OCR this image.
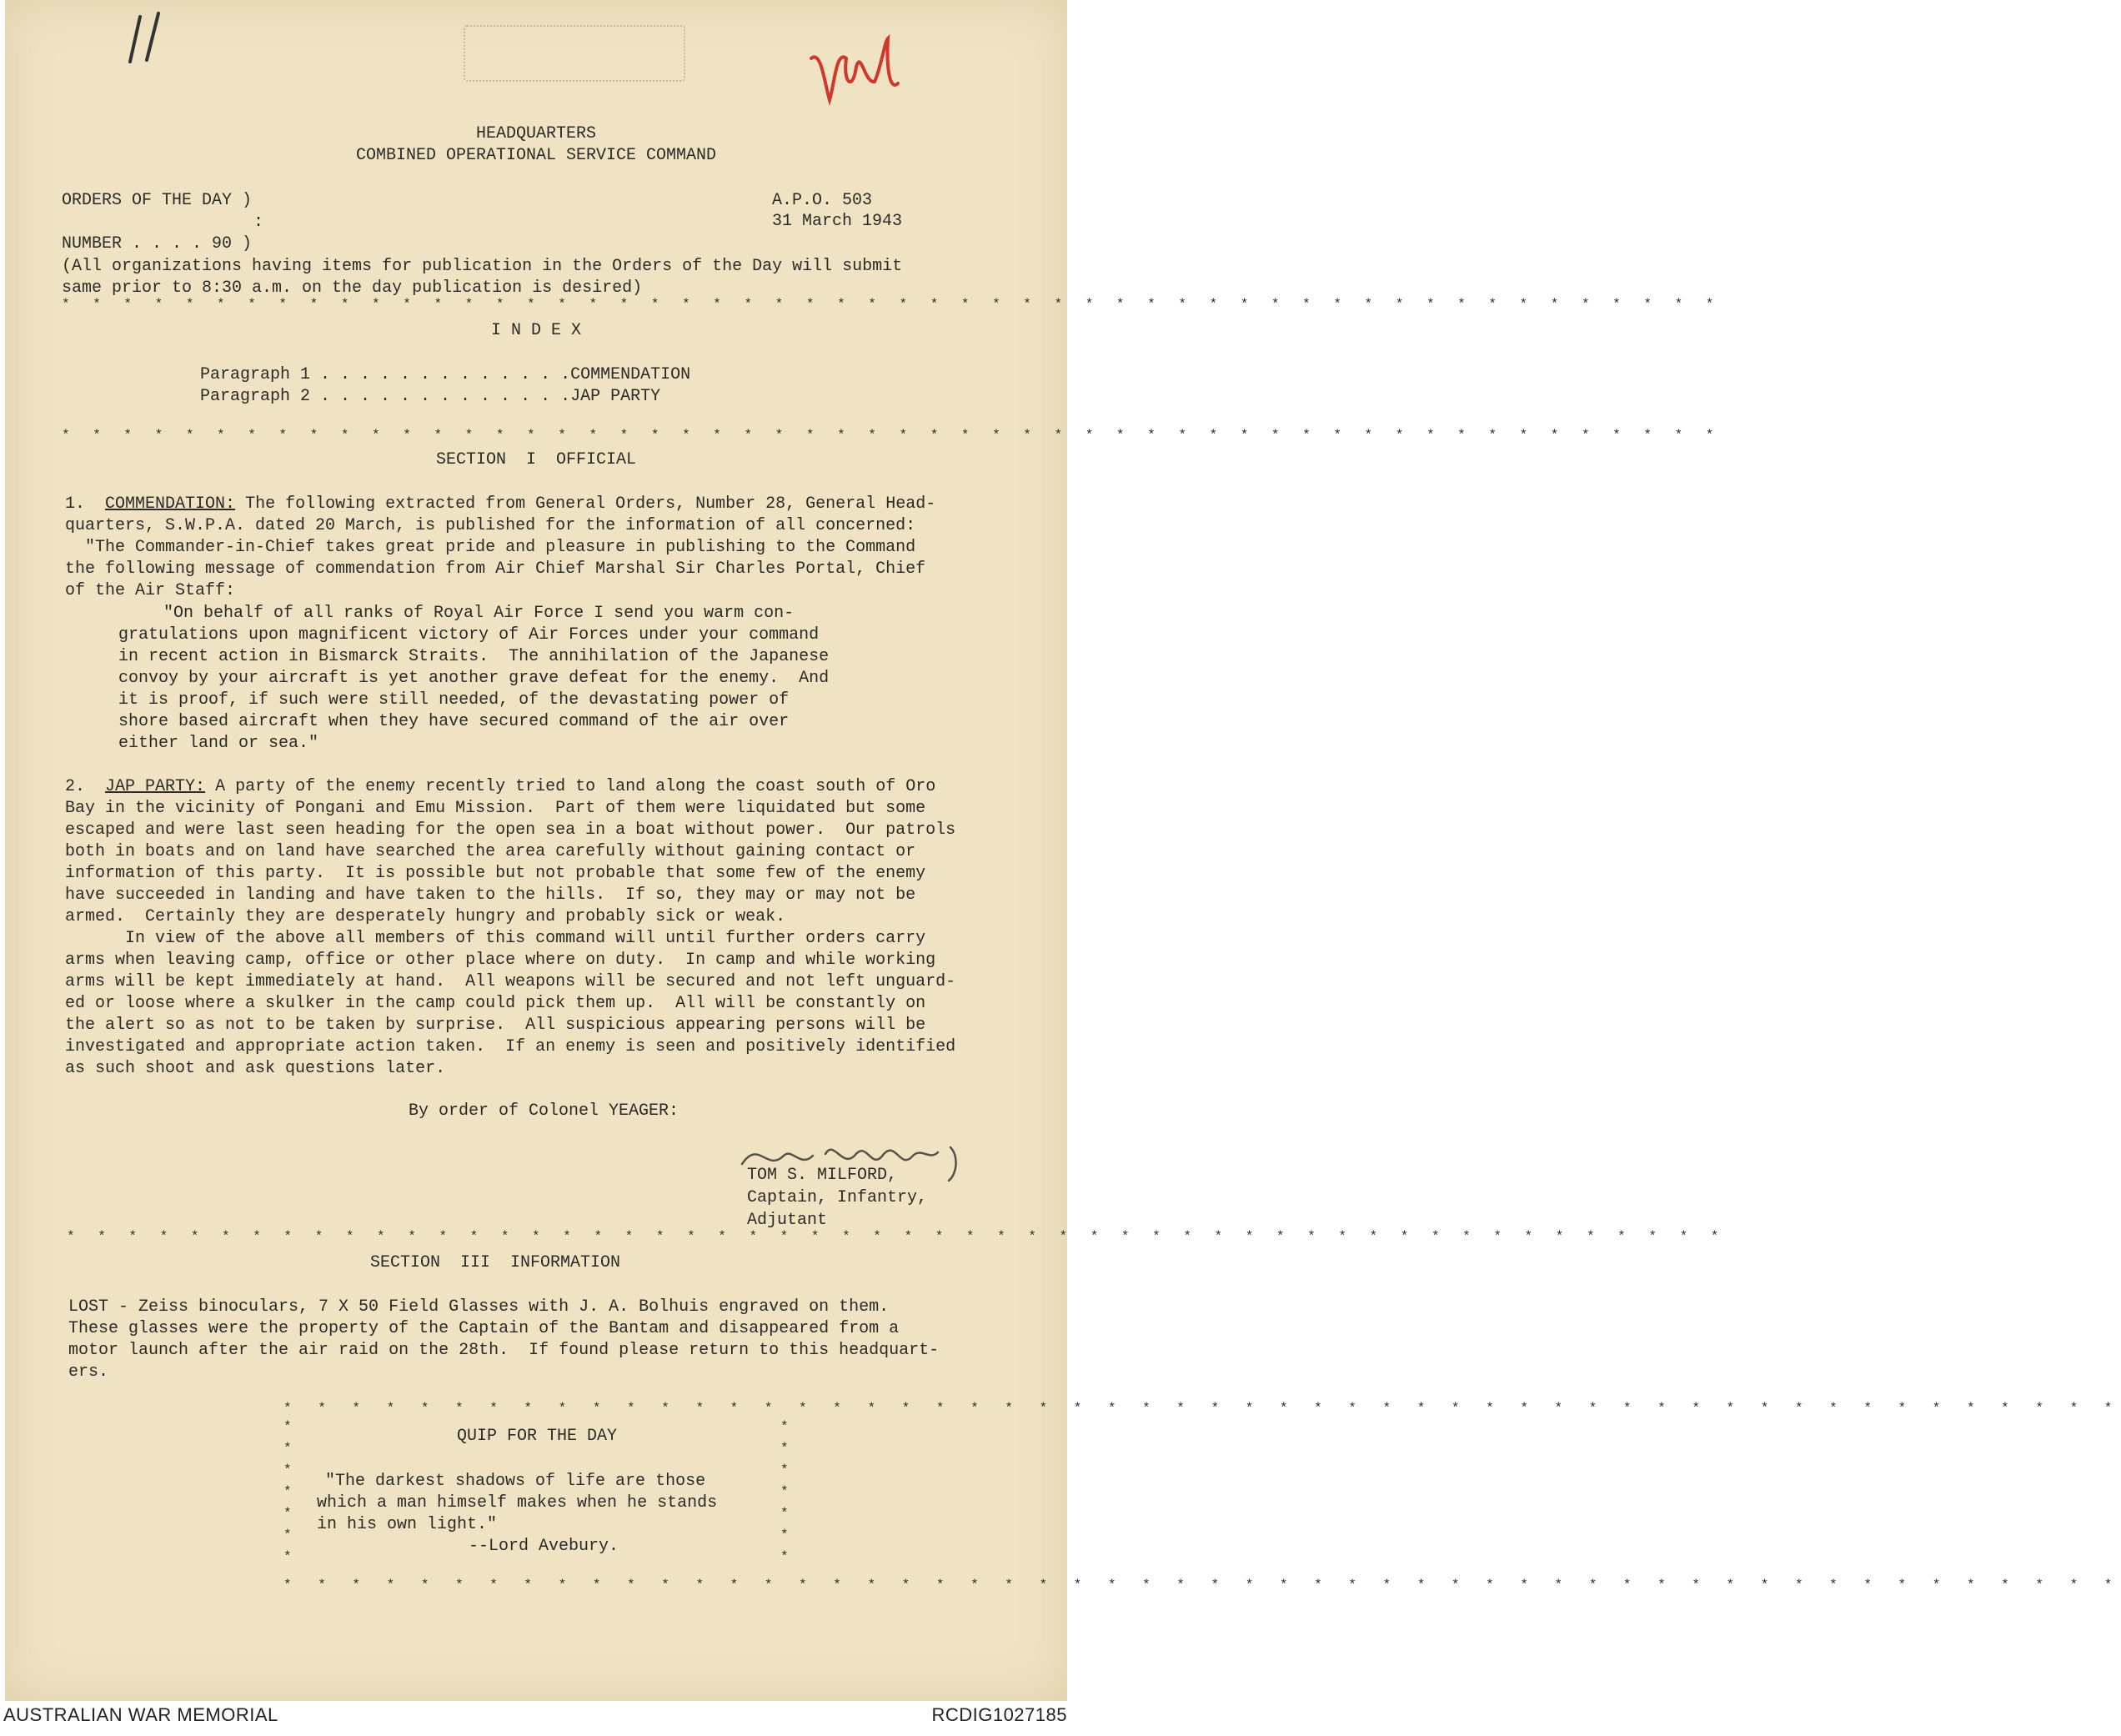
HEADQUARTERS
COMBINED OPERATIONAL SERVICE COMMAND
ORDERS OF THE DAY )
:
NUMBER . . . . 90 )
A.P.O. 503
31 March 1943
(All organizations having items for publication in the Orders of the Day will submit
same prior to 8:30 a.m. on the day publication is desired)
* * * * * * * * * * * * * * * * * * * * * * * * * * * * * * * * * * * * * * * * * * * * * * * * * * * * * *
I N D E X
Paragraph 1 . . . . . . . . . . . . .COMMENDATION
Paragraph 2 . . . . . . . . . . . . .JAP PARTY
* * * * * * * * * * * * * * * * * * * * * * * * * * * * * * * * * * * * * * * * * * * * * * * * * * * * * *
SECTION  I  OFFICIAL
1. COMMENDATION: The following extracted from General Orders, Number 28, General Head-
quarters, S.W.P.A. dated 20 March, is published for the information of all concerned:
"The Commander-in-Chief takes great pride and pleasure in publishing to the Command
the following message of commendation from Air Chief Marshal Sir Charles Portal, Chief
of the Air Staff:
"On behalf of all ranks of Royal Air Force I send you warm con-
gratulations upon magnificent victory of Air Forces under your command
in recent action in Bismarck Straits.  The annihilation of the Japanese
convoy by your aircraft is yet another grave defeat for the enemy.  And
it is proof, if such were still needed, of the devastating power of
shore based aircraft when they have secured command of the air over
either land or sea."
2. JAP PARTY: A party of the enemy recently tried to land along the coast south of Oro
Bay in the vicinity of Pongani and Emu Mission.  Part of them were liquidated but some
escaped and were last seen heading for the open sea in a boat without power.  Our patrols
both in boats and on land have searched the area carefully without gaining contact or
information of this party.  It is possible but not probable that some few of the enemy
have succeeded in landing and have taken to the hills.  If so, they may or may not be
armed.  Certainly they are desperately hungry and probably sick or weak.
In view of the above all members of this command will until further orders carry
arms when leaving camp, office or other place where on duty.  In camp and while working
arms will be kept immediately at hand.  All weapons will be secured and not left unguard-
ed or loose where a skulker in the camp could pick them up.  All will be constantly on
the alert so as not to be taken by surprise.  All suspicious appearing persons will be
investigated and appropriate action taken.  If an enemy is seen and positively identified
as such shoot and ask questions later.
By order of Colonel YEAGER:
TOM S. MILFORD,
Captain, Infantry,
Adjutant
* * * * * * * * * * * * * * * * * * * * * * * * * * * * * * * * * * * * * * * * * * * * * * * * * * * * * *
SECTION  III  INFORMATION
LOST - Zeiss binoculars, 7 X 50 Field Glasses with J. A. Bolhuis engraved on them.
These glasses were the property of the Captain of the Bantam and disappeared from a
motor launch after the air raid on the 28th.  If found please return to this headquart-
ers.
* * * * * * * * * * * * * * * * * * * * * * * * * * * * * * * * * * * * * * * * * * * * * * * * * * * * * *
*
*
*
*
*
*
*
*
*
*
*
*
*
*
* * * * * * * * * * * * * * * * * * * * * * * * * * * * * * * * * * * * * * * * * * * * * * * * * * * * * *
QUIP FOR THE DAY
"The darkest shadows of life are those
which a man himself makes when he stands
in his own light."
--Lord Avebury.
AUSTRALIAN WAR MEMORIAL	RCDIG1027185
